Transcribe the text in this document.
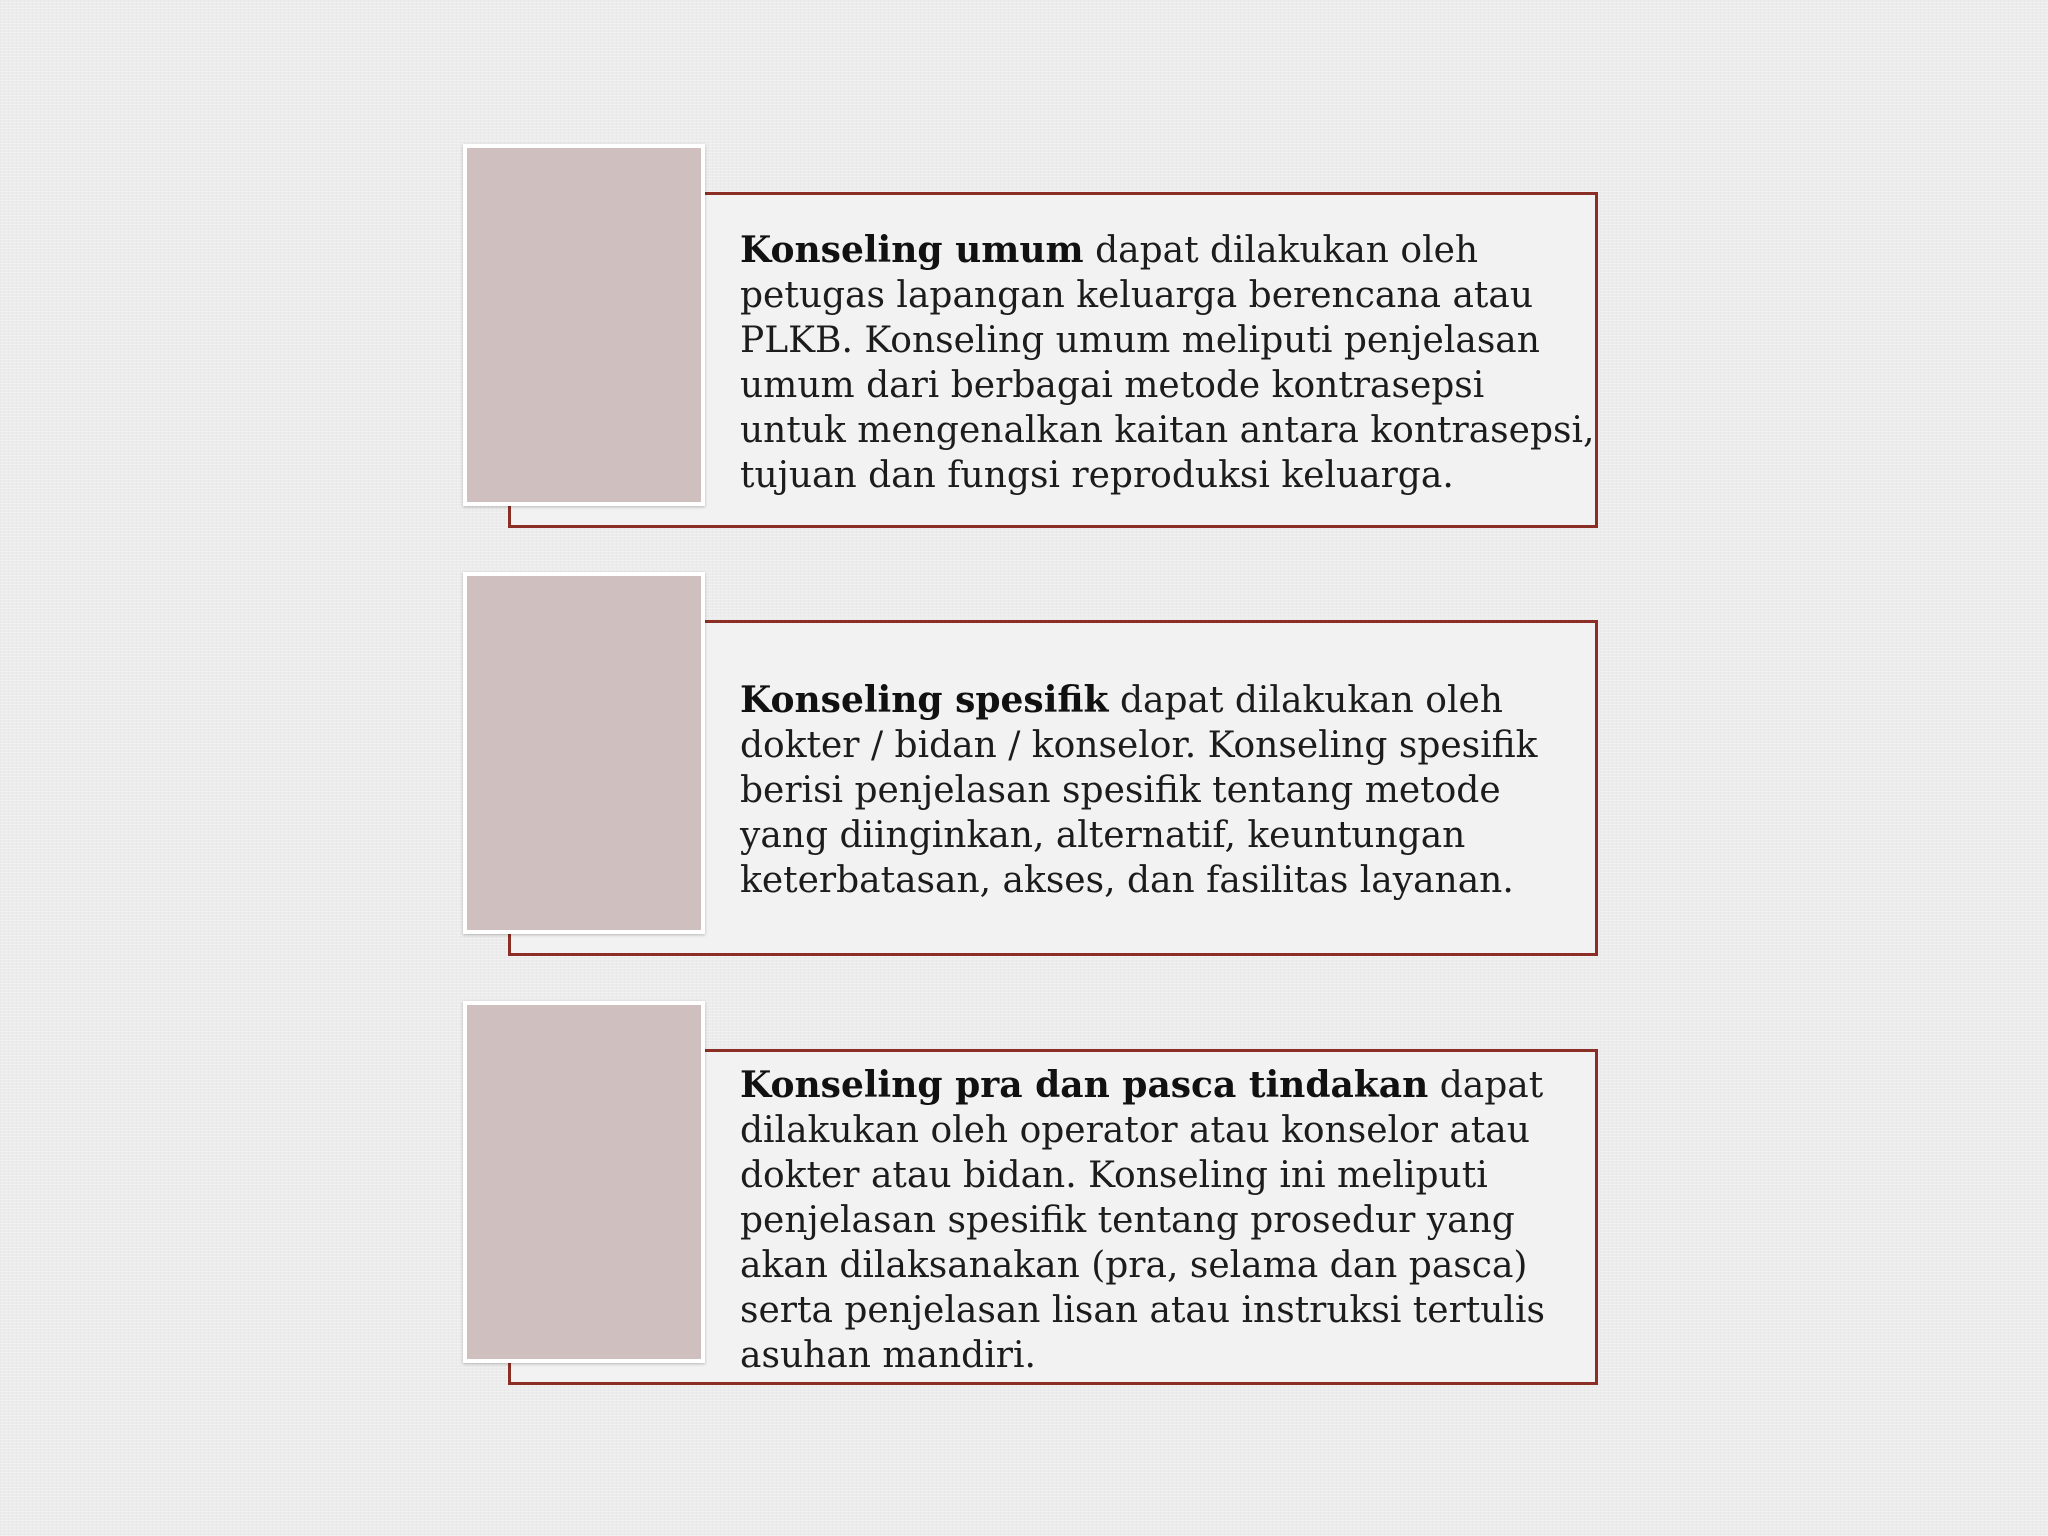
Konseling umum dapat dilakukan oleh petugas lapangan keluarga berencana atau PLKB. Konseling umum meliputi penjelasan umum dari berbagai metode kontrasepsi untuk mengenalkan kaitan antara kontrasepsi, tujuan dan fungsi reproduksi keluarga.

Konseling spesifik dapat dilakukan oleh dokter / bidan / konselor. Konseling spesifik berisi penjelasan spesifik tentang metode yang diinginkan, alternatif, keuntungan keterbatasan, akses, dan fasilitas layanan.

Konseling pra dan pasca tindakan dapat dilakukan oleh operator atau konselor atau dokter atau bidan. Konseling ini meliputi penjelasan spesifik tentang prosedur yang akan dilaksanakan (pra, selama dan pasca) serta penjelasan lisan atau instruksi tertulis asuhan mandiri.
